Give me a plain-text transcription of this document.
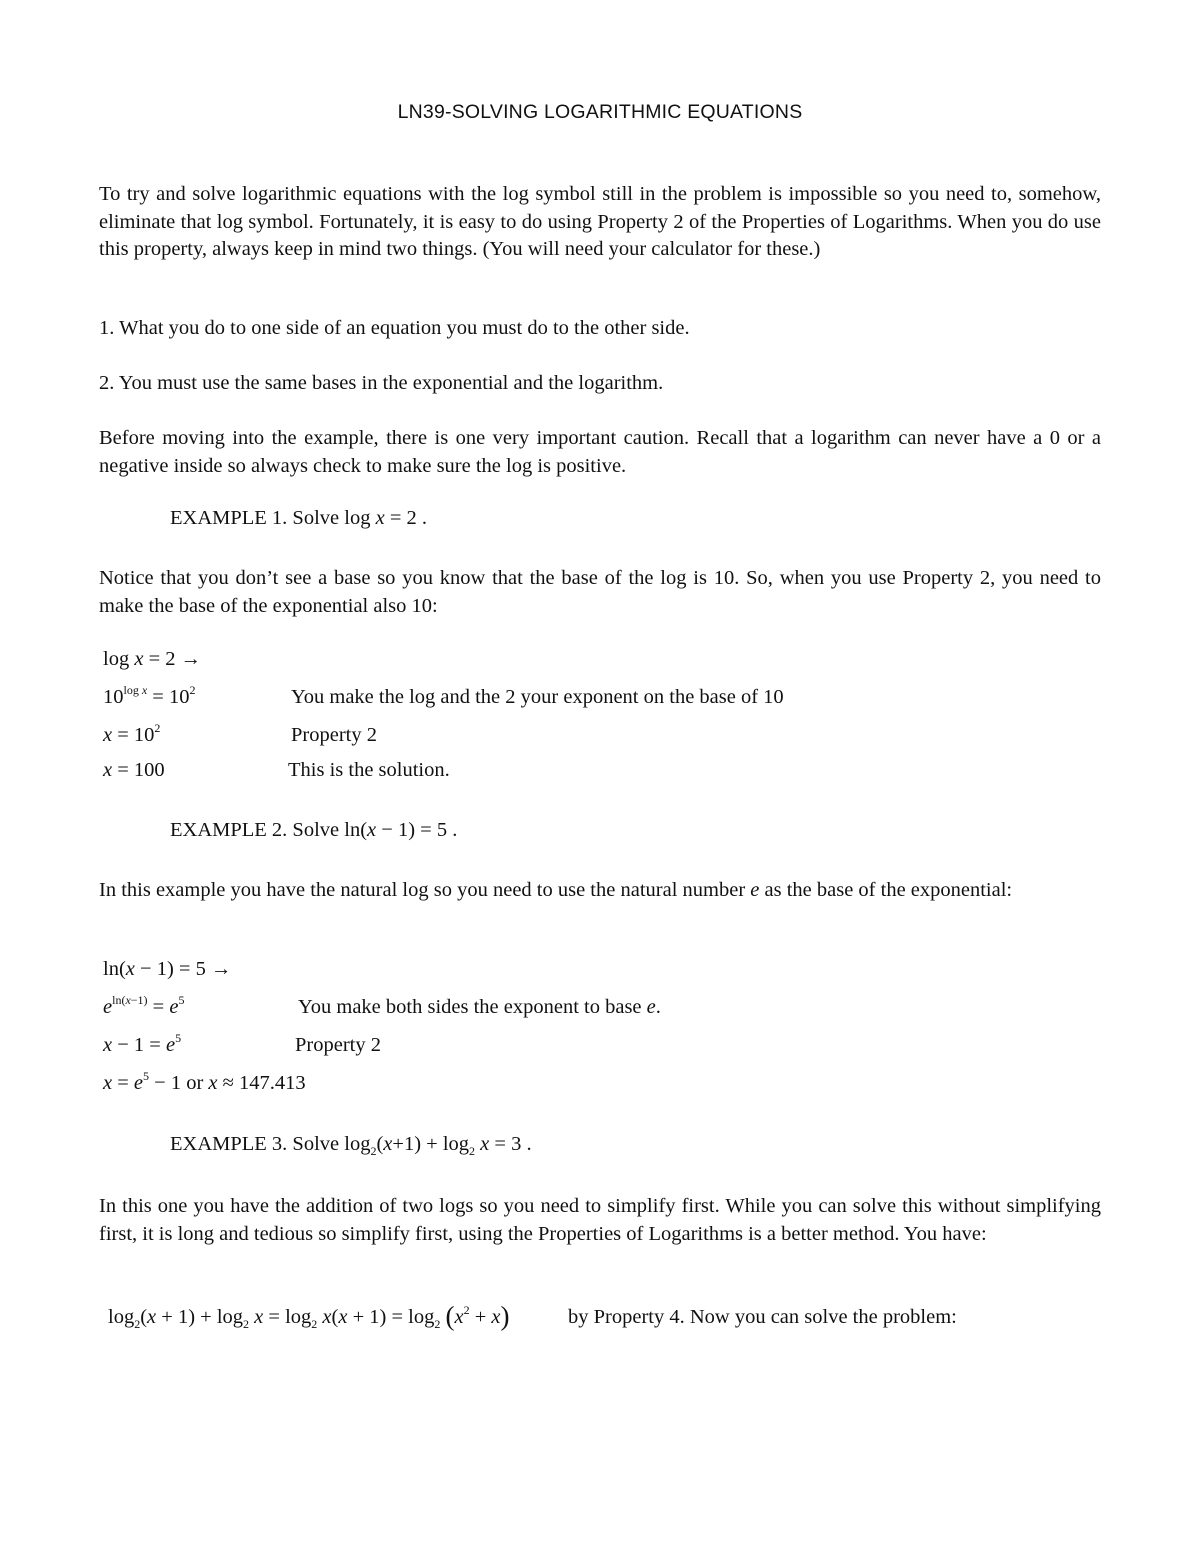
LN39-SOLVING LOGARITHMIC EQUATIONS
To try and solve logarithmic equations with the log symbol still in the problem is impossible so you need to, somehow, eliminate that log symbol. Fortunately, it is easy to do using Property 2 of the Properties of Logarithms. When you do use this property, always keep in mind two things. (You will need your calculator for these.)
1. What you do to one side of an equation you must do to the other side.
2. You must use the same bases in the exponential and the logarithm.
Before moving into the example, there is one very important caution. Recall that a logarithm can never have a 0 or a negative inside so always check to make sure the log is positive.
EXAMPLE 1. Solve log x = 2 .
Notice that you don’t see a base so you know that the base of the log is 10. So, when you use Property 2, you need to make the base of the exponential also 10:
log x = 2 →
$10^{log x} = 10^2$	You make the log and the 2 your exponent on the base of 10
$x = 10^2$	Property 2
x = 100	This is the solution.
EXAMPLE 2. Solve ln(x − 1) = 5 .
In this example you have the natural log so you need to use the natural number e as the base of the exponential:
ln(x − 1) = 5 →
$e^{ln(x-1)} = e^5$	You make both sides the exponent to base e.
$x - 1 = e^5$	Property 2
$x = e^5 - 1$ or x ≈ 147.413
EXAMPLE 3. Solve $\log_2(x+1) + \log_2 x = 3$ .
In this one you have the addition of two logs so you need to simplify first. While you can solve this without simplifying first, it is long and tedious so simplify first, using the Properties of Logarithms is a better method. You have:
$\log_2(x + 1) + \log_2 x = \log_2 x(x + 1) = \log_2 (x^2 + x)$	by Property 4. Now you can solve the problem:
